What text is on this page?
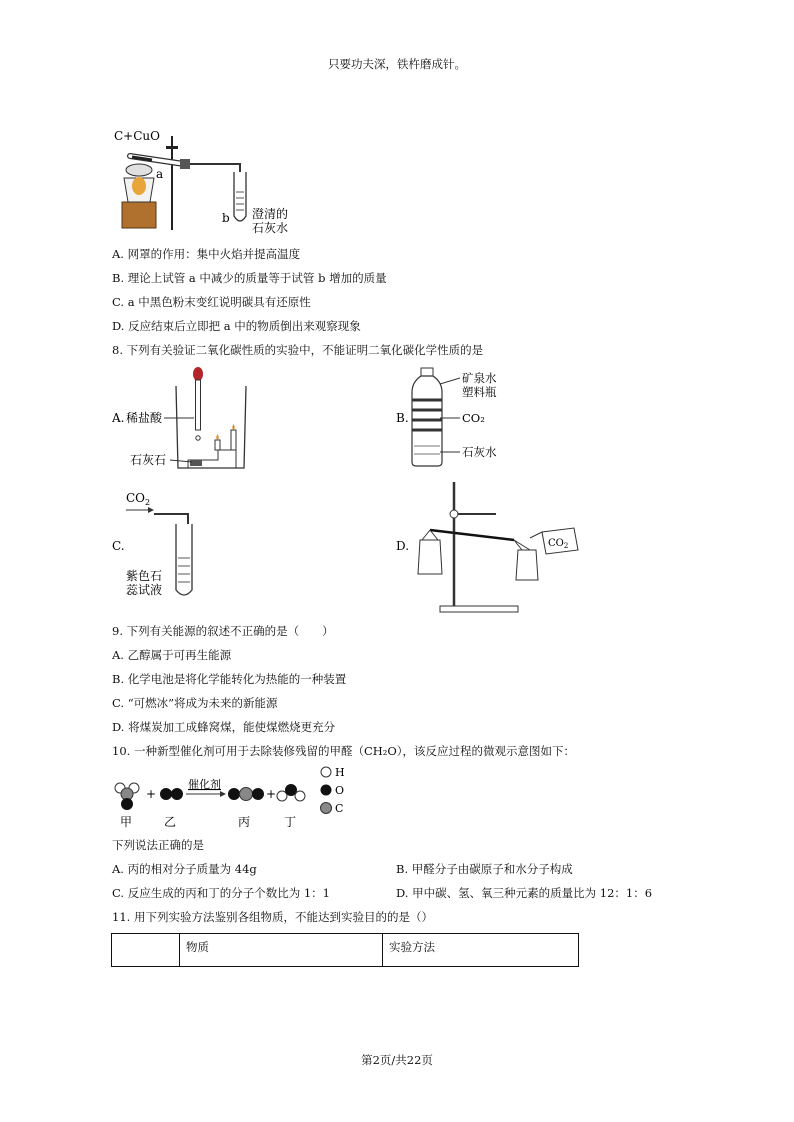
只要功夫深，铁杵磨成针。
C+CuO
a
b 澄清的
石灰水
A. 网罩的作用：集中火焰并提高温度
B. 理论上试管 a 中减少的质量等于试管 b 增加的质量
C. a 中黑色粉末变红说明碳具有还原性
D. 反应结束后立即把 a 中的物质倒出来观察现象
8. 下列有关验证二氧化碳性质的实验中，不能证明二氧化碳化学性质的是
A. 稀盐酸
石灰石
B.
矿泉水
塑料瓶
CO₂
石灰水
$CO_2$
C.
紫色石
蕊试液
D.	$CO_2$
9. 下列有关能源的叙述不正确的是（　　）
A. 乙醇属于可再生能源
B. 化学电池是将化学能转化为热能的一种装置
C. “可燃冰”将成为未来的新能源
D. 将煤炭加工成蜂窝煤，能使煤燃烧更充分
10. 一种新型催化剂可用于去除装修残留的甲醛（CH₂O），该反应过程的微观示意图如下：
+
催化剂
+
甲	乙	丙	丁
H
O
C
下列说法正确的是
A. 丙的相对分子质量为 44g	B. 甲醛分子由碳原子和水分子构成
C. 反应生成的丙和丁的分子个数比为 1：1	D. 甲中碳、氢、氧三种元素的质量比为 12：1：6
11. 用下列实验方法鉴别各组物质，不能达到实验目的的是（）
	物质	实验方法
第2页/共22页
